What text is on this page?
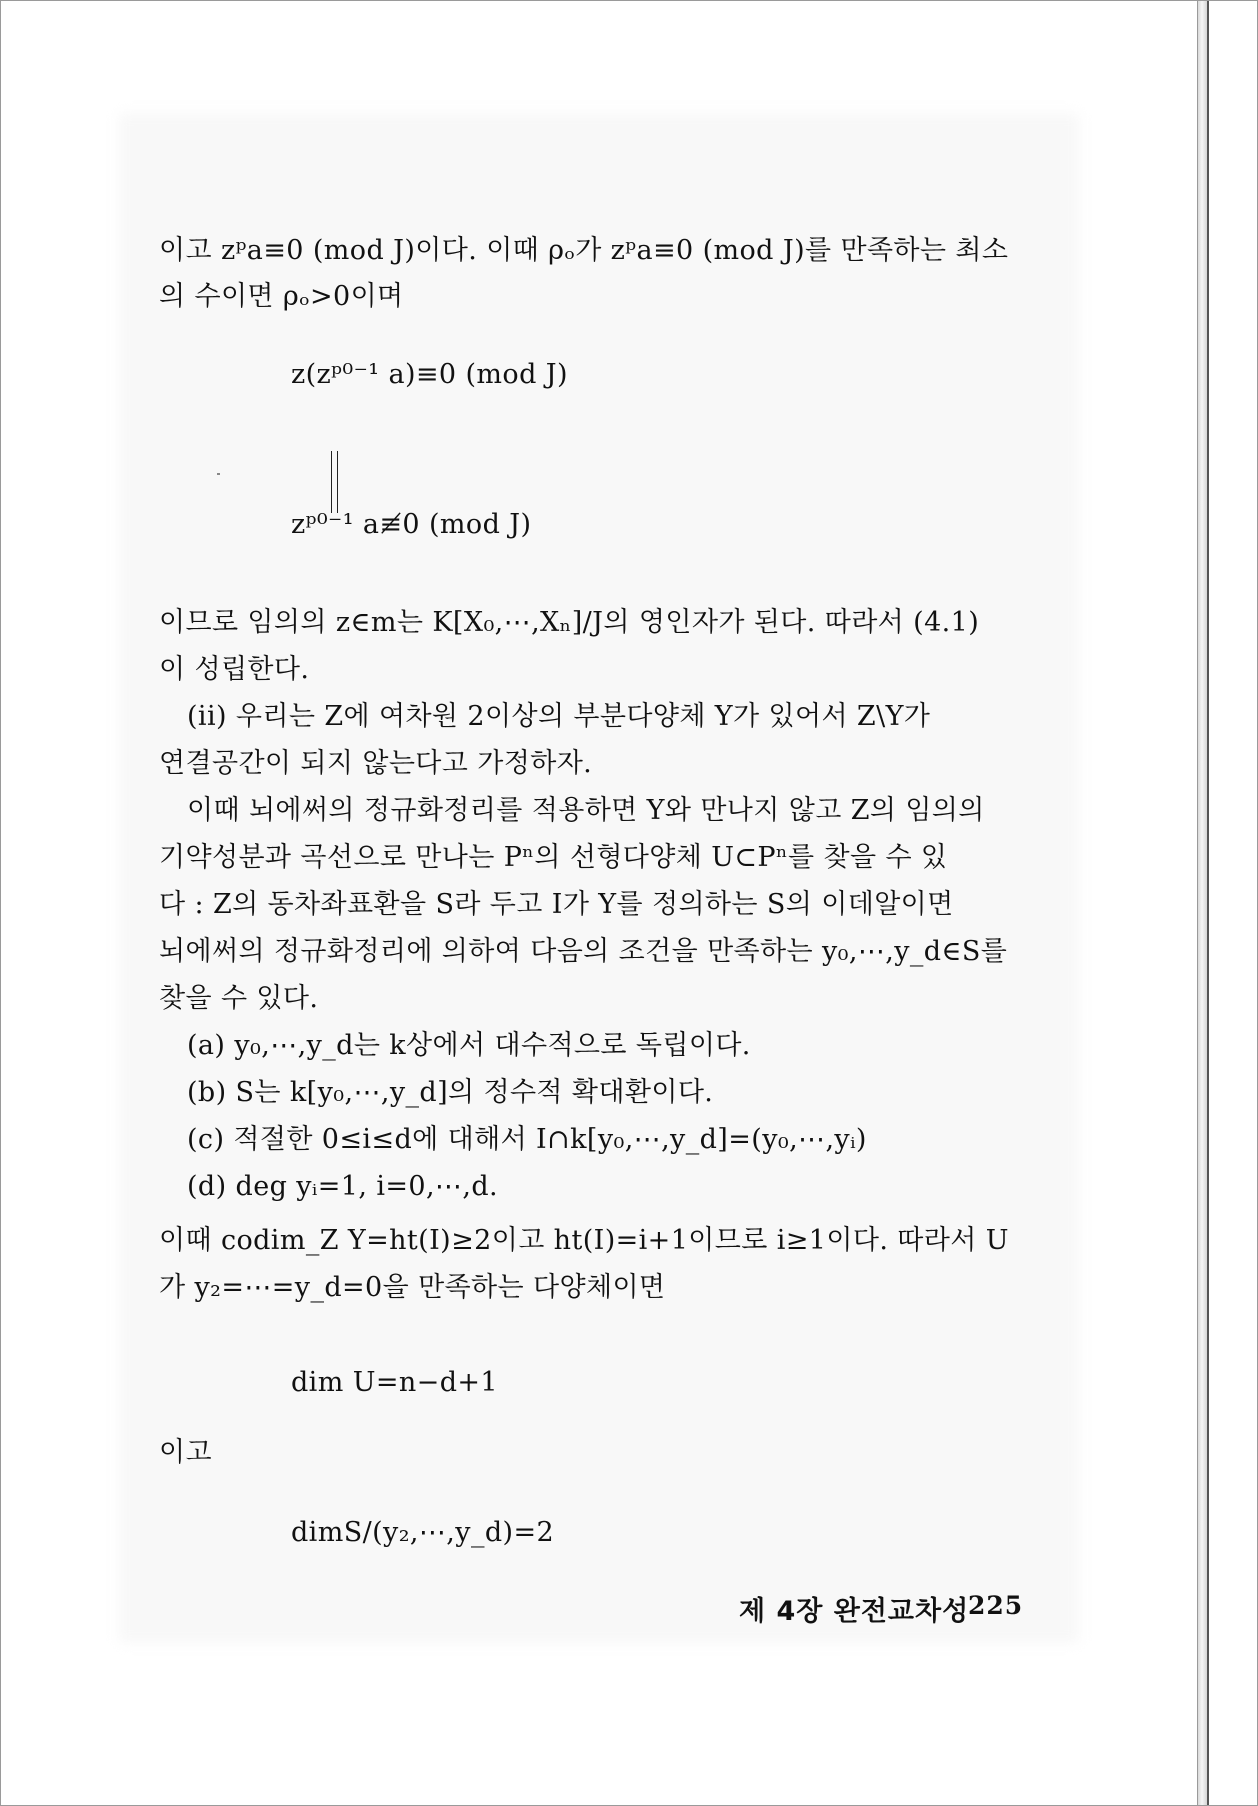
이고 zᵖa≡0 (mod J)이다. 이때 ρₒ가 zᵖa≡0 (mod J)를 만족하는 최소
의 수이면 ρₒ>0이며
z(zᵖ⁰⁻¹ a)≡0 (mod J)
zᵖ⁰⁻¹ a≢0 (mod J)
이므로 임의의 z∈m는 K[X₀,⋯,Xₙ]/J의 영인자가 된다. 따라서 (4.1)
이 성립한다.
(ii) 우리는 Z에 여차원 2이상의 부분다양체 Y가 있어서 Z\Y가
연결공간이 되지 않는다고 가정하자.
이때 뇌에써의 정규화정리를 적용하면 Y와 만나지 않고 Z의 임의의
기약성분과 곡선으로 만나는 Pⁿ의 선형다양체 U⊂Pⁿ를 찾을 수 있
다 : Z의 동차좌표환을 S라 두고 I가 Y를 정의하는 S의 이데알이면
뇌에써의 정규화정리에 의하여 다음의 조건을 만족하는 y₀,⋯,y_d∈S를
찾을 수 있다.
(a) y₀,⋯,y_d는 k상에서 대수적으로 독립이다.
(b) S는 k[y₀,⋯,y_d]의 정수적 확대환이다.
(c) 적절한 0≤i≤d에 대해서 I∩k[y₀,⋯,y_d]=(y₀,⋯,yᵢ)
(d) deg yᵢ=1, i=0,⋯,d.
이때 codim_Z Y=ht(I)≥2이고 ht(I)=i+1이므로 i≥1이다. 따라서 U
가 y₂=⋯=y_d=0을 만족하는 다양체이면
dim U=n−d+1
이고
dimS/(y₂,⋯,y_d)=2
제 4장 완전교차성
225
